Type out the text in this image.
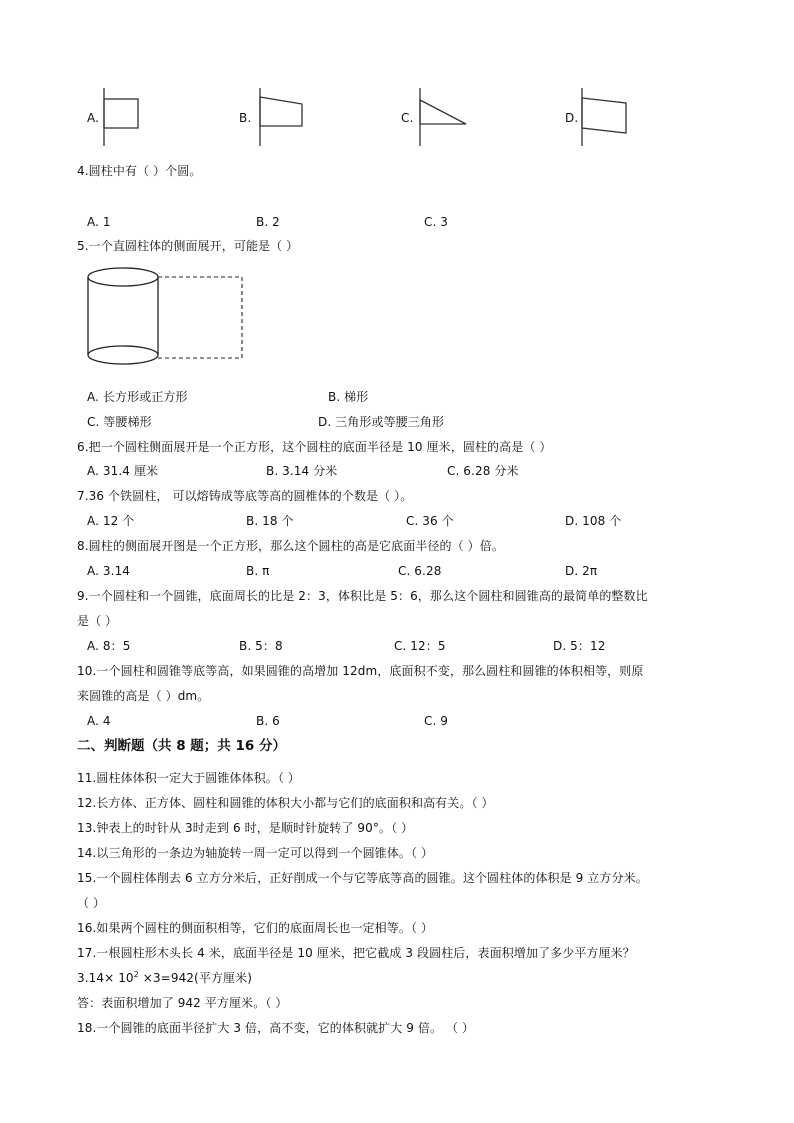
A.	B.	C.	D.
4.圆柱中有（ ）个圆。
A. 1	B. 2	C. 3
5.一个直圆柱体的侧面展开，可能是（ ）
A. 长方形或正方形	B. 梯形
C. 等腰梯形	D. 三角形或等腰三角形
6.把一个圆柱侧面展开是一个正方形，这个圆柱的底面半径是 10 厘米，圆柱的高是（ ）
A. 31.4 厘米	B. 3.14 分米	C. 6.28 分米
7.36 个铁圆柱， 可以熔铸成等底等高的圆椎体的个数是（ ）。
A. 12 个	B. 18 个	C. 36 个	D. 108 个
8.圆柱的侧面展开图是一个正方形，那么这个圆柱的高是它底面半径的（ ）倍。
A. 3.14	B. π	C. 6.28	D. 2π
9.一个圆柱和一个圆锥，底面周长的比是 2：3，体积比是 5：6，那么这个圆柱和圆锥高的最简单的整数比
是（ ）
A. 8：5	B. 5：8	C. 12：5	D. 5：12
10.一个圆柱和圆锥等底等高，如果圆锥的高增加 12dm，底面积不变，那么圆柱和圆锥的体积相等，则原
来圆锥的高是（ ）dm。
A. 4	B. 6	C. 9
二、判断题（共 8 题；共 16 分）
11.圆柱体体积一定大于圆锥体体积。（ ）
12.长方体、正方体、圆柱和圆锥的体积大小都与它们的底面积和高有关。（ ）
13.钟表上的时针从 3时走到 6 时，是顺时针旋转了 90°。（ ）
14.以三角形的一条边为轴旋转一周一定可以得到一个圆锥体。（ ）
15.一个圆柱体削去 6 立方分米后，正好削成一个与它等底等高的圆锥。这个圆柱体的体积是 9 立方分米。
（ ）
16.如果两个圆柱的侧面积相等，它们的底面周长也一定相等。（ ）
17.一根圆柱形木头长 4 米，底面半径是 10 厘米，把它截成 3 段圆柱后，表面积增加了多少平方厘米？
$3.14\times 10^2 \times 3=942$(平方厘米)
答：表面积增加了 942 平方厘米。（ ）
18.一个圆锥的底面半径扩大 3 倍，高不变，它的体积就扩大 9 倍。 （ ）
